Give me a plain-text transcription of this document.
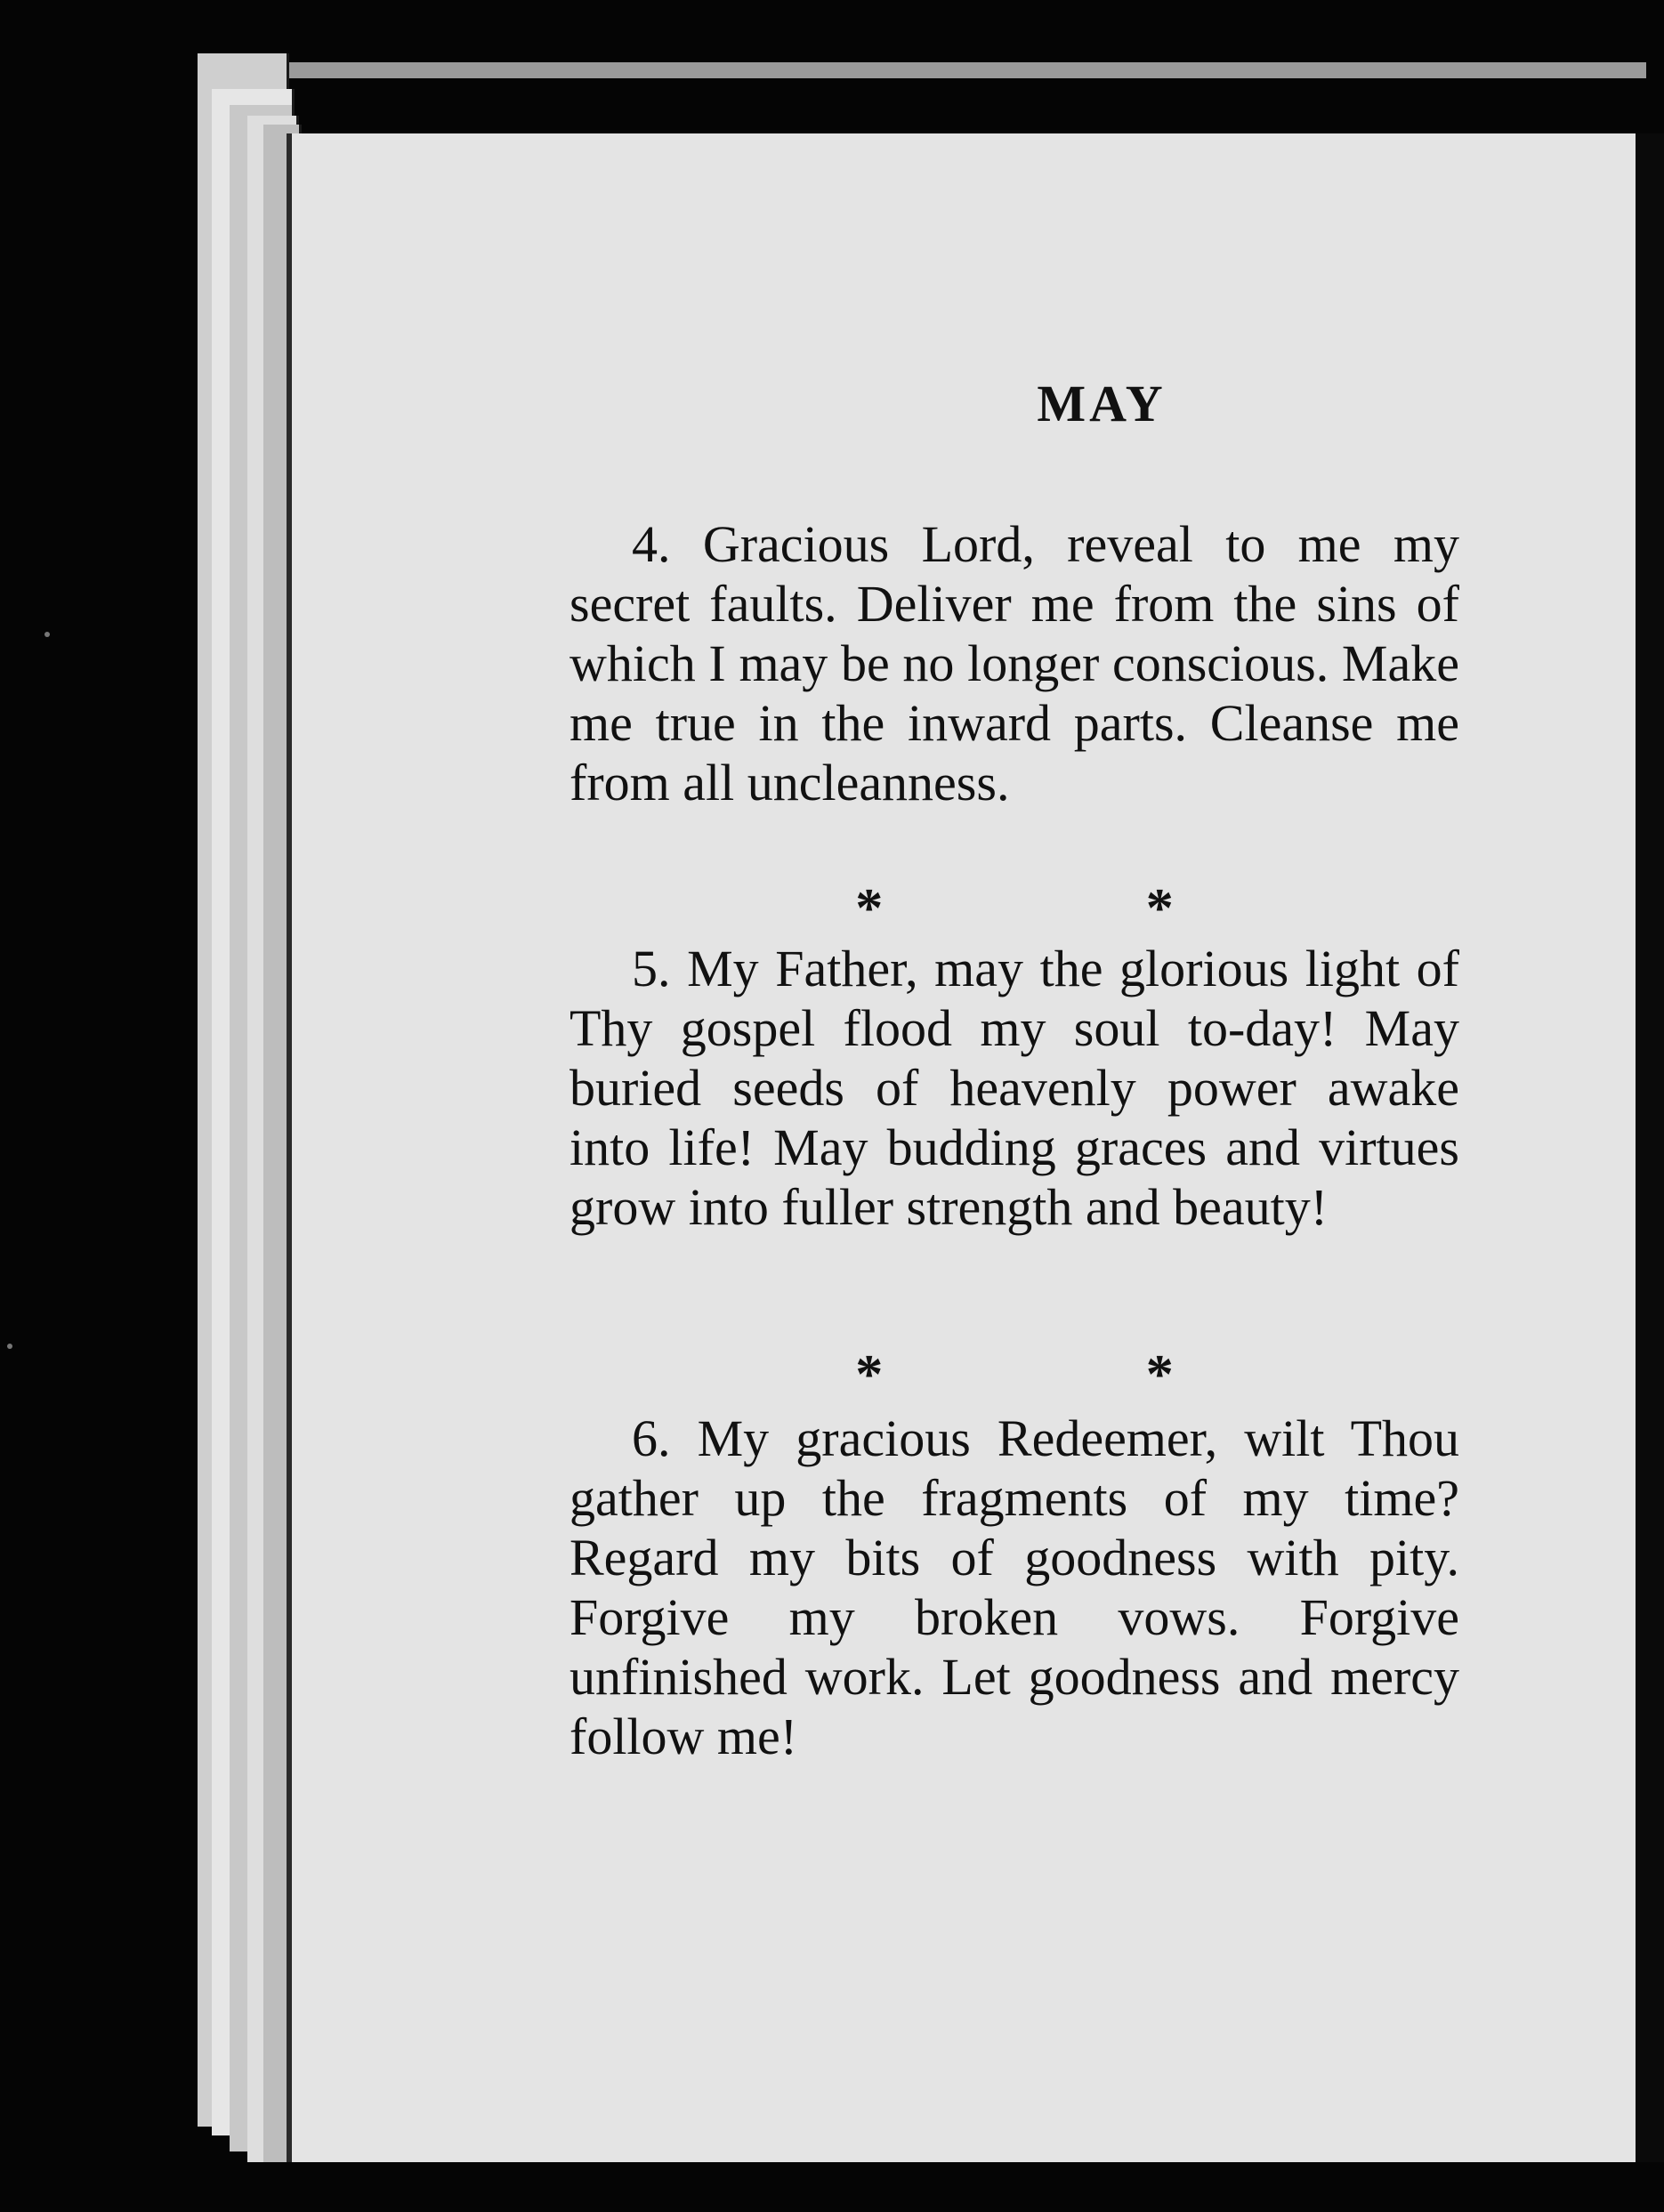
MAY

4. Gracious Lord, reveal to me my secret faults. Deliver me from the sins of which I may be no longer conscious. Make me true in the inward parts. Cleanse me from all uncleanness.

* *

5. My Father, may the glorious light of Thy gospel flood my soul to-day! May buried seeds of heavenly power awake into life! May budding graces and virtues grow into fuller strength and beauty!

* *

6. My gracious Redeemer, wilt Thou gather up the fragments of my time? Regard my bits of goodness with pity. Forgive my broken vows. Forgive unfinished work. Let goodness and mercy follow me!
